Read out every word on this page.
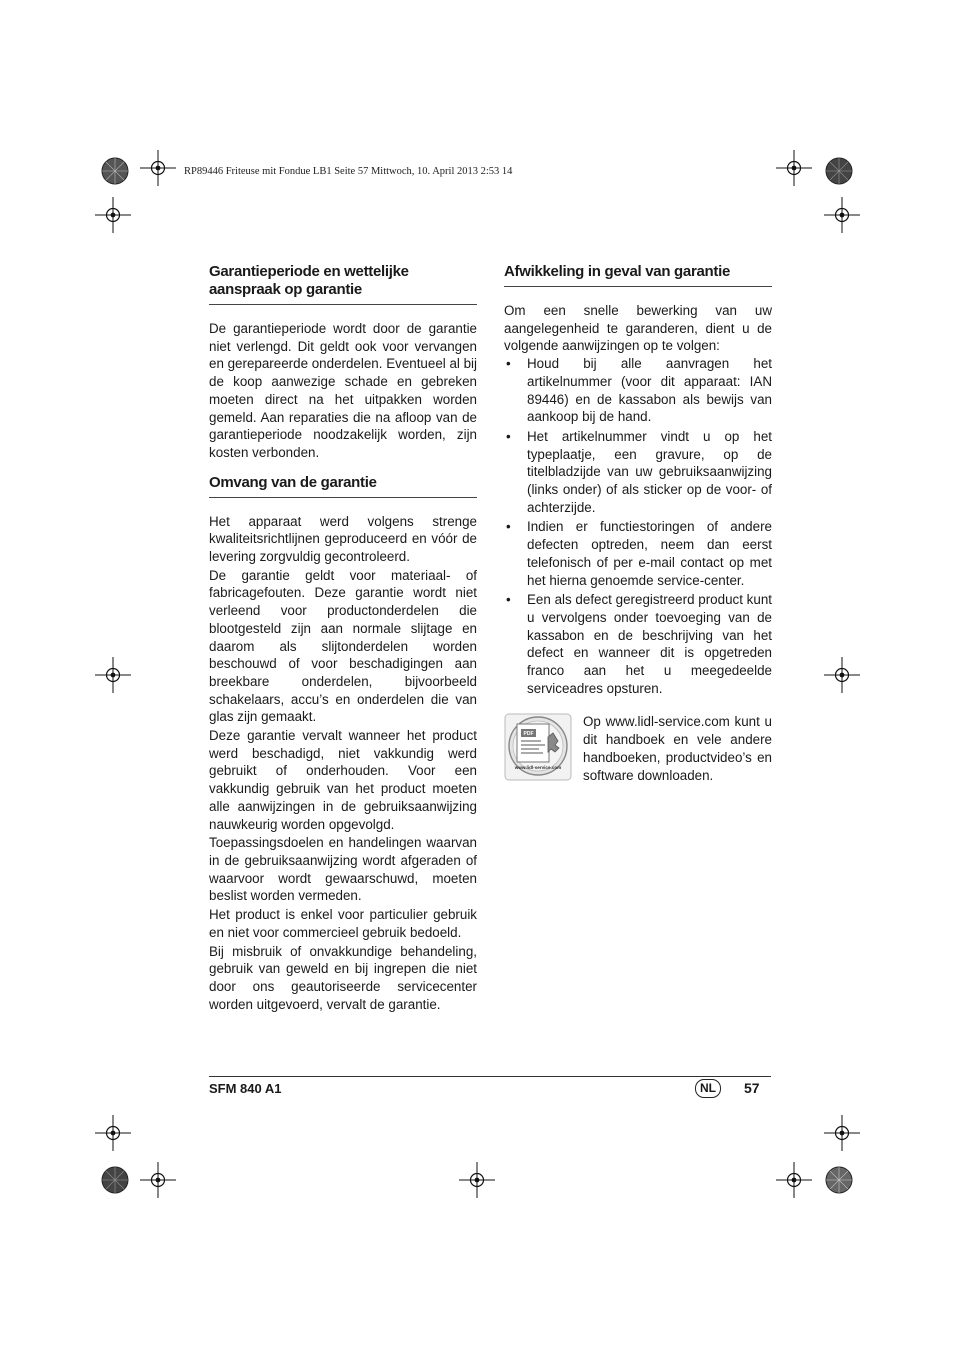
RP89446 Friteuse mit Fondue LB1 Seite 57 Mittwoch, 10. April 2013 2:53 14
Garantieperiode en wettelijke aanspraak op garantie

De garantieperiode wordt door de garantie niet verlengd. Dit geldt ook voor vervangen en gerepareerde onderdelen. Eventueel al bij de koop aanwezige schade en gebreken moeten direct na het uitpakken worden gemeld. Aan reparaties die na afloop van de garantieperiode noodzakelijk worden, zijn kosten verbonden.

Omvang van de garantie

Het apparaat werd volgens strenge kwaliteitsrichtlijnen geproduceerd en vóór de levering zorgvuldig gecontroleerd.

De garantie geldt voor materiaal- of fabricagefouten. Deze garantie wordt niet verleend voor productonderdelen die blootgesteld zijn aan normale slijtage en daarom als slijtonderdelen worden beschouwd of voor beschadigingen aan breekbare onderdelen, bijvoorbeeld schakelaars, accu’s en onderdelen die van glas zijn gemaakt.

Deze garantie vervalt wanneer het product werd beschadigd, niet vakkundig werd gebruikt of onderhouden. Voor een vakkundig gebruik van het product moeten alle aanwijzingen in de gebruiksaanwijzing nauwkeurig worden opgevolgd.

Toepassingsdoelen en handelingen waarvan in de gebruiksaanwijzing wordt afgeraden of waarvoor wordt gewaarschuwd, moeten beslist worden vermeden.

Het product is enkel voor particulier gebruik en niet voor commercieel gebruik bedoeld.

Bij misbruik of onvakkundige behandeling, gebruik van geweld en bij ingrepen die niet door ons geautoriseerde servicecenter worden uitgevoerd, vervalt de garantie.

Afwikkeling in geval van garantie

Om een snelle bewerking van uw aangelegenheid te garanderen, dient u de volgende aanwijzingen op te volgen:

• Houd bij alle aanvragen het artikelnummer (voor dit apparaat: IAN 89446) en de kassabon als bewijs van aankoop bij de hand.
• Het artikelnummer vindt u op het typeplaatje, een gravure, op de titelbladzijde van uw gebruiksaanwijzing (links onder) of als sticker op de voor- of achterzijde.
• Indien er functiestoringen of andere defecten optreden, neem dan eerst telefonisch of per e-mail contact op met het hierna genoemde service-center.
• Een als defect geregistreerd product kunt u vervolgens onder toevoeging van de kassabon en de beschrijving van het defect en wanneer dit is opgetreden franco aan het u meegedeelde serviceadres opsturen.
PDF
www.lidl-service.com

Op www.lidl-service.com kunt u dit handboek en vele andere handboeken, productvideo’s en software downloaden.

SFM 840 A1	NL	57
